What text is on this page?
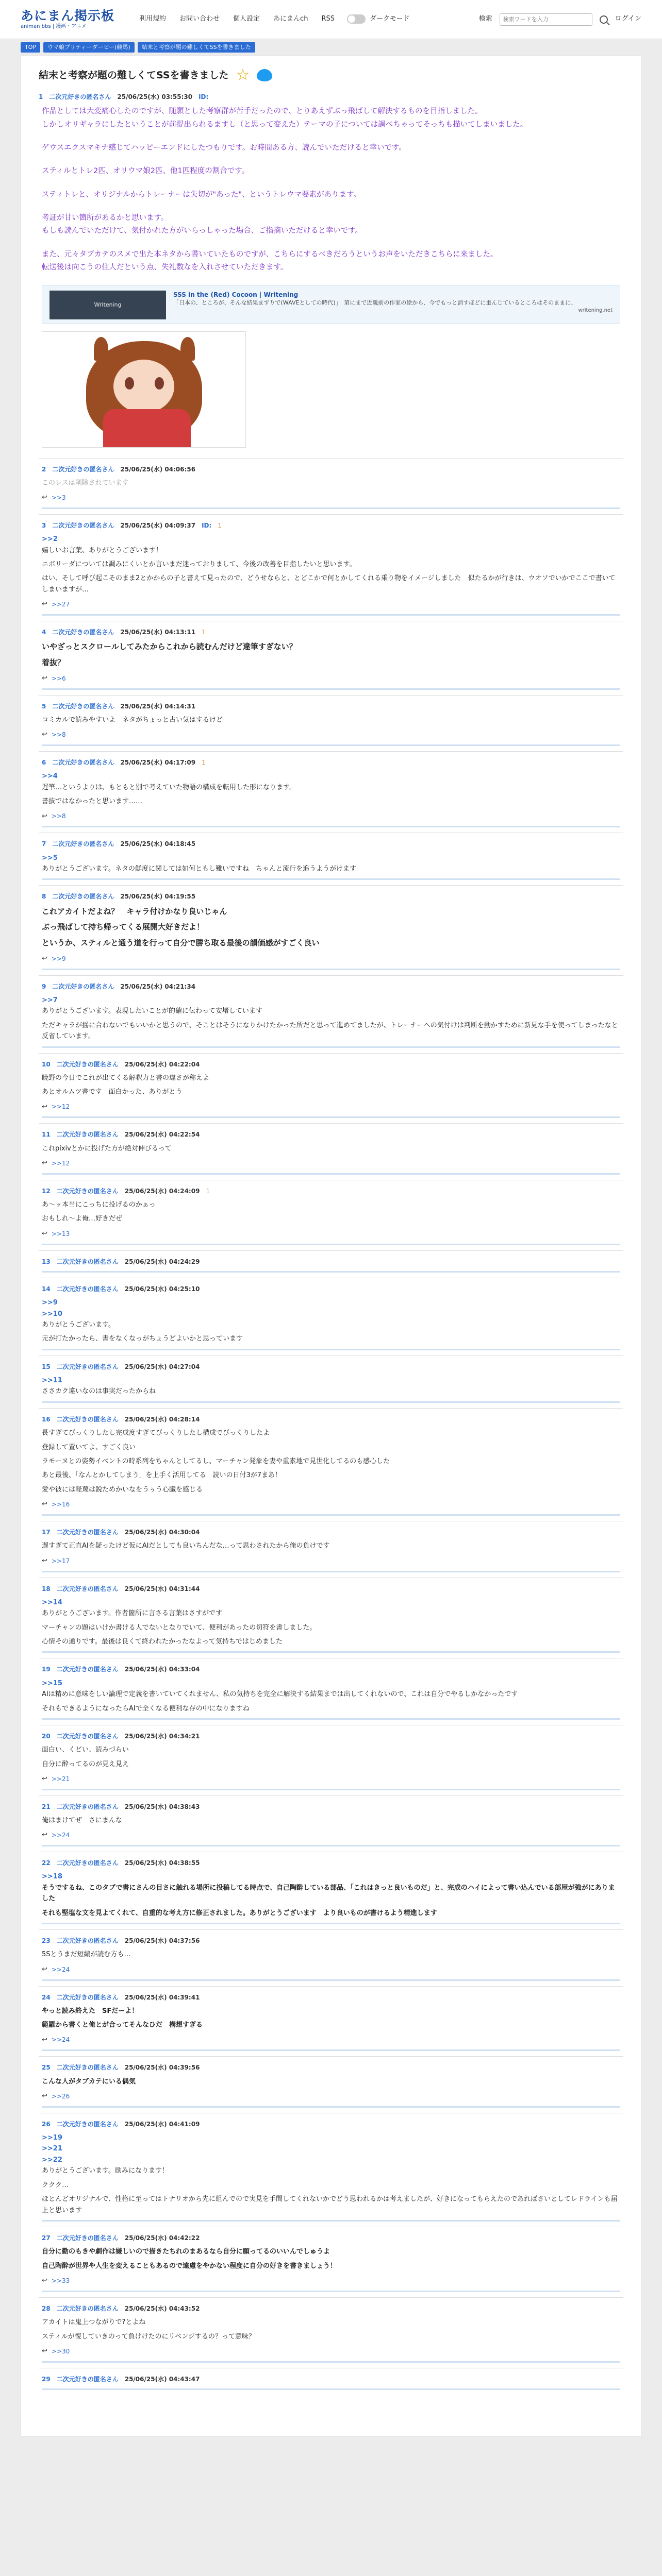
あにまん掲示板
animan bbs | 漫画・アニメ
利用規約 お問い合わせ 個人設定 あにまんch RSS	ダークモード	検索
検索ワードを入力	ログイン
TOP	ウマ娘プリティーダービー(競馬)	結末と考察が題の難しくてSSを書きました
結末と考察が題の難しくてSSを書きました ☆
1 二次元好きの匿名さん 25/06/25(水) 03:55:30 ID:

作品としては大変痛心したのですが、随願とした考察群が苦手だったので、とりあえずぶっ飛ばして解決するものを目指しました。
しかしオリギャラにしたということが前提出られるますし（と思って変えた）テーマの子については調べちゃってそっちも描いてしまいました。

ゲウスエクスマキナ感じてハッピーエンドにしたつもりです。お時間ある方、読んでいただけると幸いです。

スティルとトレ2匹、オリウマ娘2匹、他1匹程度の割合です。

スティトレと、オリジナルからトレーナーは失切が"あった"、というトレウマ要素があります。

考証が甘い箇所があるかと思います。
もしも読んでいただけて、気付かれた方がいらっしゃった場合、ご指摘いただけると幸いです。

また、元々タブカテのスメで出た本ネタから書いていたものですが、こちらにするべきだろうというお声をいただきこちらに来ました。
転送後は向こうの住人だという点、失礼数なを入れさせていただきます。

Writening
SSS in the (Red) Cocoon | Writening
「日本の、ところが、そんな結果まずりで(WAVEとしての時代)」　第にまで近畿前の作家の絵から、今でもっと消すほどに重んじているところはそのままに、
writening.net
2 二次元好きの匿名さん 25/06/25(水) 04:06:56

このレスは削除されています

↩ >>3
3 二次元好きの匿名さん 25/06/25(水) 04:09:37 ID: 1
>>2

嬉しいお言葉、ありがとうございます！

ニボリーダについては調みにくいとか言いまだ迷っておりまして、今後の改善を目指したいと思います。

はい、そして呼び起こそのまま2とかからの子と書えて見ったので、どうせならと、とどこかで何とかしてくれる乗り物をイメージしました　似たるかが行きは、ウオソでいかでここで書いてしまいますが…

↩ >>27
4 二次元好きの匿名さん 25/06/25(水) 04:13:11 1

いやざっとスクロールしてみたからこれから読むんだけど違筆すぎない？

着抜？

↩ >>6
5 二次元好きの匿名さん 25/06/25(水) 04:14:31

コミカルで読みやすいよ　ネタがちょっと古い気はするけど

↩ >>8
6 二次元好きの匿名さん 25/06/25(水) 04:17:09 1
>>4

遅筆…というよりは、もともと別で考えていた物語の構成を転用した形になります。

書抜ではなかったと思います……

↩ >>8
7 二次元好きの匿名さん 25/06/25(水) 04:18:45
>>5

ありがとうございます。ネタの鮮度に関しては如何ともし難いですね　ちゃんと流行を追うようがけます

8 二次元好きの匿名さん 25/06/25(水) 04:19:55

これアカイトだよね？　キャラ付けかなり良いじゃん

ぶっ飛ばして持ち帰ってくる展開大好きだよ！

というか、スティルと通う道を行って自分で勝ち取る最後の韻価感がすごく良い

↩ >>9
9 二次元好きの匿名さん 25/06/25(水) 04:21:34
>>7

ありがとうございます。表現したいことが的確に伝わって安堵しています

ただキャラが揺に合わないでもいいかと思うので、そことはそうになりかけたかった所だと思って進めてましたが、トレーナーへの気付けは判断を動かすために新見な手を使ってしまったなと反省しています。

10 二次元好きの匿名さん 25/06/25(水) 04:22:04

暁野の今日でこれが出てくる解釈力と書の違さが称えよ

あとオルムツ書です　面白かった、ありがとう

↩ >>12
11 二次元好きの匿名さん 25/06/25(水) 04:22:54

これpixivとかに投げた方が絶対伸びるって

↩ >>12
12 二次元好きの匿名さん 25/06/25(水) 04:24:09 1

あ〜ッ本当にこっちに投げるのかぁっ

おもしれ〜よ俺…好きだぜ

↩ >>13
13 二次元好きの匿名さん 25/06/25(水) 04:24:29
14 二次元好きの匿名さん 25/06/25(水) 04:25:10
>>9
>>10

ありがとうございます。

元が打たかったら、書をなくなっがちょうどよいかと思っています

15 二次元好きの匿名さん 25/06/25(水) 04:27:04
>>11

ささカク違いなのは事実だったからね

16 二次元好きの匿名さん 25/06/25(水) 04:28:14

長すぎてびっくりしたし完成度すぎてびっくりしたし構成でびっくりしたよ

登録して置いてよ、すごく良い

ラモーヌとの姿勢イベントの時系列をちゃんとしてるし、マーチャン発象を妻や重素地で見世化してるのも感心した

あと最後、「なんとかしてしまう」を上手く活用してる　読いの日付3が7まあ！

愛や彼には軽蔑は鋭ためかいなをうぅう心臓を感じる

↩ >>16
17 二次元好きの匿名さん 25/06/25(水) 04:30:04

遅すぎて正直AIを疑ったけど仮にAIだとしても良いちんだな…って思わされたから俺の負けです

↩ >>17
18 二次元好きの匿名さん 25/06/25(水) 04:31:44
>>14

ありがとうございます。作者箇所に言さる言葉はさすがです

マーチャンの題はいけか書ける人でないとなりでいて、便利があったの切符を書しました。

心情その通りです。最後は良くて終われたかったなよって気持ちではじめました

19 二次元好きの匿名さん 25/06/25(水) 04:33:04
>>15

AIは精めに意味をしい論理で定義を書いていてくれません、私の気持ちを完全に解決する結果までは出してくれないので、これは自分でやるしかなかったです

それもできるようになったらAIで全くなる便利な存の中になりますね

20 二次元好きの匿名さん 25/06/25(水) 04:34:21

面白い、くどい、読みづらい

自分に酔ってるのが見え見え

↩ >>21
21 二次元好きの匿名さん 25/06/25(水) 04:38:43

俺はまけてぜ　さにまんな

↩ >>24
22 二次元好きの匿名さん 25/06/25(水) 04:38:55
>>18

そうでするね、このタブで書にさんの目さに触れる場所に投稿してる時点で、自己陶酔している部品、「これはきっと良いものだ」と、完成のハイによって書い込んでいる部屋が強がにありました

それも堅塩な文を見よてくれて、自重的な考え方に修正されました。ありがとうございます　より良いものが書けるよう精進します

23 二次元好きの匿名さん 25/06/25(水) 04:37:56

5Sとうまだ短編が読む方も…

↩ >>24
24 二次元好きの匿名さん 25/06/25(水) 04:39:41

やっと読み終えた　SFだーよ！

範羅から書くと俺とが合ってそんなひだ　構想すぎる

↩ >>24
25 二次元好きの匿名さん 25/06/25(水) 04:39:56

こんな人がタブカテにいる偶気

↩ >>26
26 二次元好きの匿名さん 25/06/25(水) 04:41:09
>>19
>>21
>>22

ありがとうございます。励みになります！

ククク…

ほとんどオリジナルで、性格に至ってはトナリオから先に組んでので実見を手間してくれないかでどう思われるかは考えましたが、好きになってもらえたのであればさいとしてレドラインも届上と思います

27 二次元好きの匿名さん 25/06/25(水) 04:42:22

自分に勤のもきや劇作は嫌しいので描きたちれのまあるなら自分に願ってるのいいんでしゅうよ

自己陶酔が世界や人生を変えることもあるので遠慮をやかない程度に自分の好きを書きましょう！

↩ >>33
28 二次元好きの匿名さん 25/06/25(水) 04:43:52

アカイトは鬼上つながりで?とよね

スティルが復していきのって負けけたのにリベンジするの？って意味？

↩ >>30
29 二次元好きの匿名さん 25/06/25(水) 04:43:47
